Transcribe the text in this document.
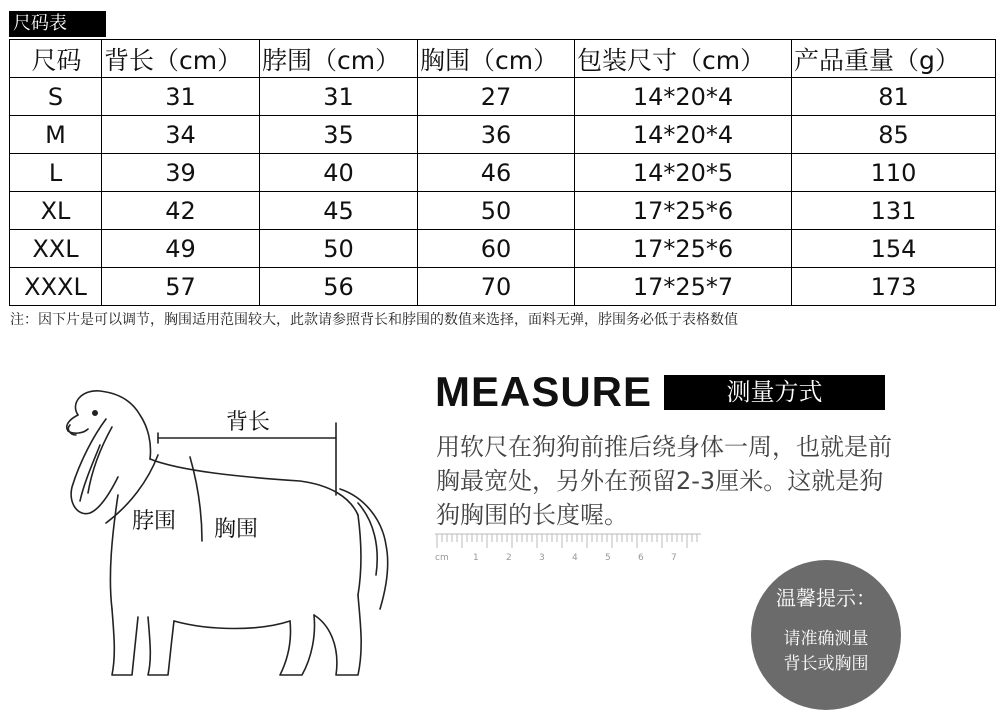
尺码表
尺码	背长（cm）	脖围（cm）	胸围（cm）	包装尺寸（cm）	产品重量（g）
S	31	31	27	14*20*4	81
M	34	35	36	14*20*4	85
L	39	40	46	14*20*5	110
XL	42	45	50	17*25*6	131
XXL	49	50	60	17*25*6	154
XXXL	57	56	70	17*25*7	173
注：因下片是可以调节，胸围适用范围较大，此款请参照背长和脖围的数值来选择，面料无弹，脖围务必低于表格数值
背长
脖围 胸围
MEASURE	测量方式
用软尺在狗狗前推后绕身体一周，也就是前胸最宽处，另外在预留2-3厘米。这就是狗狗胸围的长度喔。
cm	1	2	3	4	5	6	7
温馨提示：
请准确测量
背长或胸围
